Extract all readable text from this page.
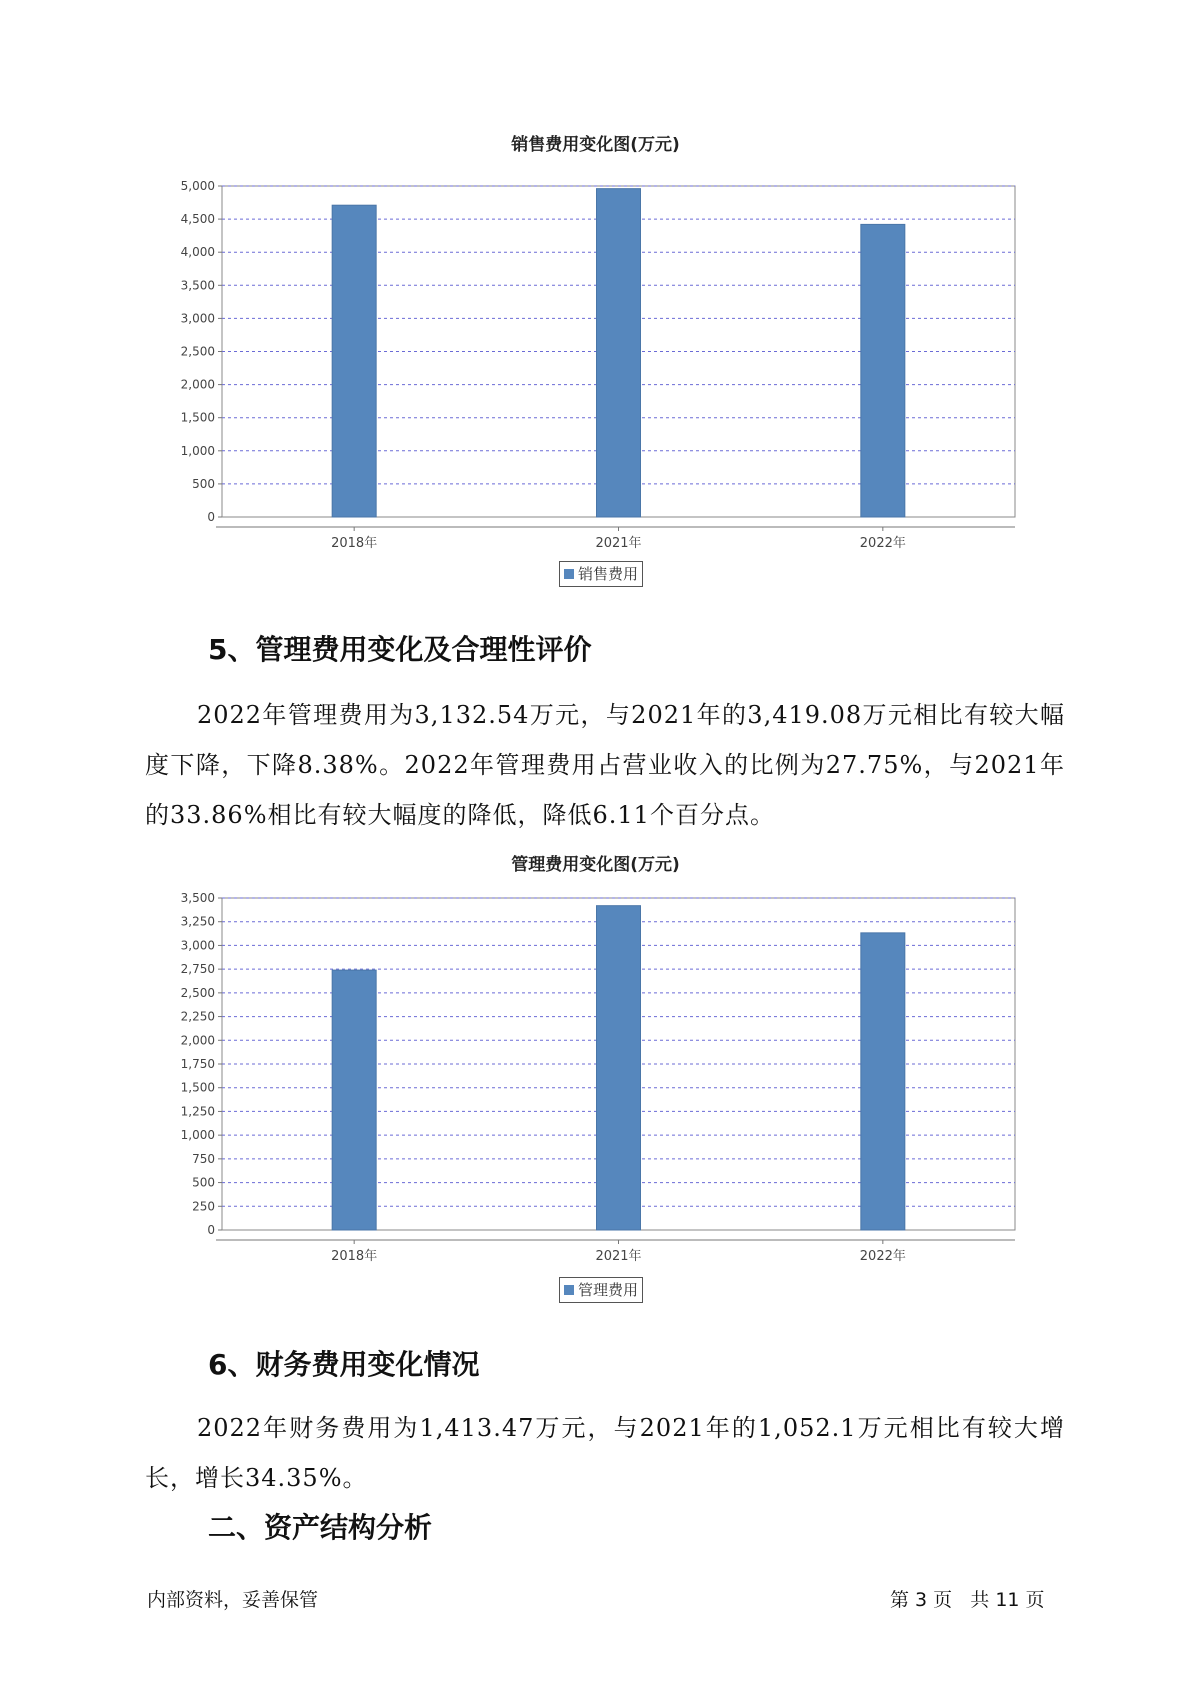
销售费用变化图(万元)
0
500
1,000
1,500
2,000
2,500
3,000
3,500
4,000
4,500
5,000
2018年	2021年	2022年
销售费用
5、管理费用变化及合理性评价

2022年管理费用为3,132.54万元，与2021年的3,419.08万元相比有较大幅度下降，下降8.38%。2022年管理费用占营业收入的比例为27.75%，与2021年的33.86%相比有较大幅度的降低，降低6.11个百分点。

管理费用变化图(万元)
0
250
500
750
1,000
1,250
1,500
1,750
2,000
2,250
2,500
2,750
3,000
3,250
3,500
2018年	2021年	2022年
管理费用
6、财务费用变化情况

2022年财务费用为1,413.47万元，与2021年的1,052.1万元相比有较大增长，增长34.35%。

二、资产结构分析
内部资料，妥善保管	第 3 页   共 11 页
